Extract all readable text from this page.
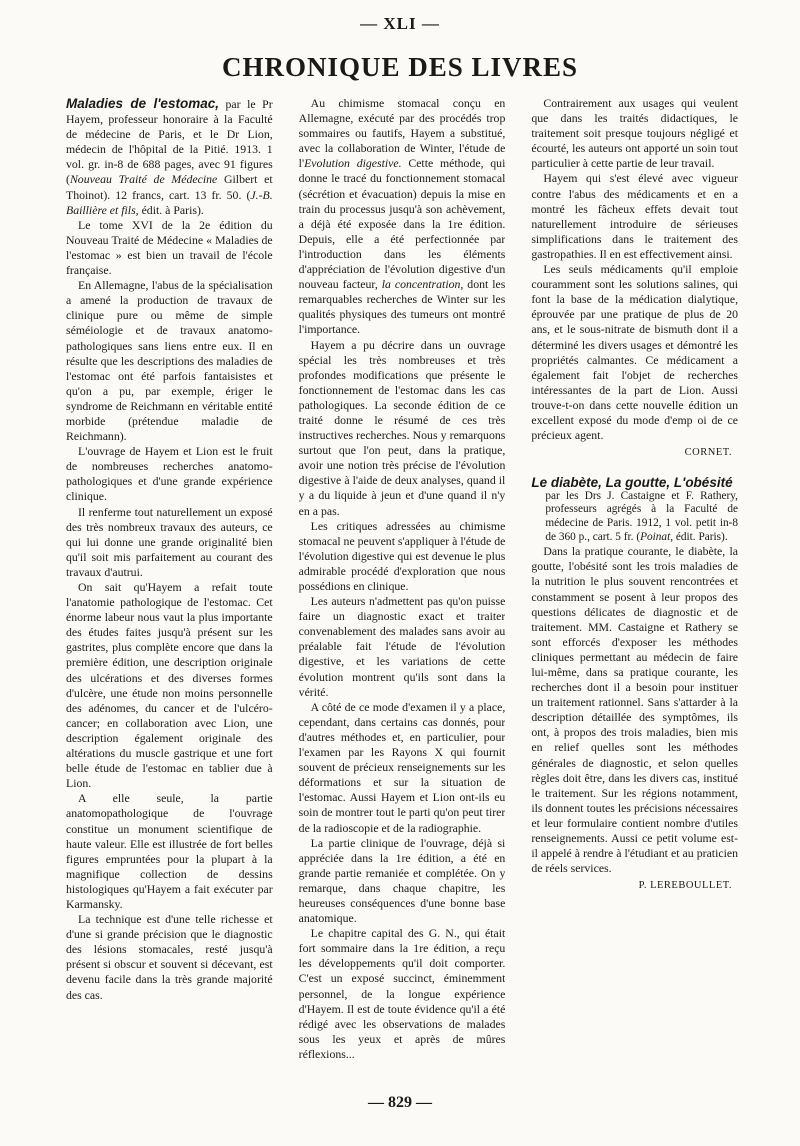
— XLI —
CHRONIQUE DES LIVRES

Maladies de l'estomac, par le Pr Hayem, professeur honoraire à la Faculté de médecine de Paris, et le Dr Lion, médecin de l'hôpital de la Pitié. 1913. 1 vol. gr. in-8 de 688 pages, avec 91 figures (Nouveau Traité de Médecine Gilbert et Thoinot). 12 francs, cart. 13 fr. 50. (J.-B. Baillière et fils, édit. à Paris).

Le tome XVI de la 2e édition du Nouveau Traité de Médecine « Maladies de l'estomac » est bien un travail de l'école française.

En Allemagne, l'abus de la spécialisation a amené la production de travaux de clinique pure ou même de simple séméiologie et de travaux anatomo-pathologiques sans liens entre eux. Il en résulte que les descriptions des maladies de l'estomac ont été parfois fantaisistes et qu'on a pu, par exemple, ériger le syndrome de Reichmann en véritable entité morbide (prétendue maladie de Reichmann).

L'ouvrage de Hayem et Lion est le fruit de nombreuses recherches anatomo-pathologiques et d'une grande expérience clinique.

Il renferme tout naturellement un exposé des très nombreux travaux des auteurs, ce qui lui donne une grande originalité bien qu'il soit mis parfaitement au courant des travaux d'autrui.

On sait qu'Hayem a refait toute l'anatomie pathologique de l'estomac. Cet énorme labeur nous vaut la plus importante des études faites jusqu'à présent sur les gastrites, plus complète encore que dans la première édition, une description originale des ulcérations et des diverses formes d'ulcère, une étude non moins personnelle des adénomes, du cancer et de l'ulcéro-cancer; en collaboration avec Lion, une description également originale des altérations du muscle gastrique et une fort belle étude de l'estomac en tablier due à Lion.

A elle seule, la partie anatomopathologique de l'ouvrage constitue un monument scientifique de haute valeur. Elle est illustrée de fort belles figures empruntées pour la plupart à la magnifique collection de dessins histologiques qu'Hayem a fait exécuter par Karmansky.

La technique est d'une telle richesse et d'une si grande précision que le diagnostic des lésions stomacales, resté jusqu'à présent si obscur et souvent si décevant, est devenu facile dans la très grande majorité des cas.

Au chimisme stomacal conçu en Allemagne, exécuté par des procédés trop sommaires ou fautifs, Hayem a substitué, avec la collaboration de Winter, l'étude de l'Evolution digestive. Cette méthode, qui donne le tracé du fonctionnement stomacal (sécrétion et évacuation) depuis la mise en train du processus jusqu'à son achèvement, a déjà été exposée dans la 1re édition. Depuis, elle a été perfectionnée par l'introduction dans les éléments d'appréciation de l'évolution digestive d'un nouveau facteur, la concentration, dont les remarquables recherches de Winter sur les qualités physiques des tumeurs ont montré l'importance.

Hayem a pu décrire dans un ouvrage spécial les très nombreuses et très profondes modifications que présente le fonctionnement de l'estomac dans les cas pathologiques. La seconde édition de ce traité donne le résumé de ces très instructives recherches. Nous y remarquons surtout que l'on peut, dans la pratique, avoir une notion très précise de l'évolution digestive à l'aide de deux analyses, quand il y a du liquide à jeun et d'une quand il n'y en a pas.

Les critiques adressées au chimisme stomacal ne peuvent s'appliquer à l'étude de l'évolution digestive qui est devenue le plus admirable procédé d'exploration que nous possédions en clinique.

Les auteurs n'admettent pas qu'on puisse faire un diagnostic exact et traiter convenablement des malades sans avoir au préalable fait l'étude de l'évolution digestive, et les variations de cette évolution montrent qu'ils sont dans la vérité.

A côté de ce mode d'examen il y a place, cependant, dans certains cas donnés, pour d'autres méthodes et, en particulier, pour l'examen par les Rayons X qui fournit souvent de précieux renseignements sur les déformations et sur la situation de l'estomac. Aussi Hayem et Lion ont-ils eu soin de montrer tout le parti qu'on peut tirer de la radioscopie et de la radiographie.

La partie clinique de l'ouvrage, déjà si appréciée dans la 1re édition, a été en grande partie remaniée et complétée. On y remarque, dans chaque chapitre, les heureuses conséquences d'une bonne base anatomique.

Le chapitre capital des G. N., qui était fort sommaire dans la 1re édition, a reçu les développements qu'il doit comporter. C'est un exposé succinct, éminemment personnel, de la longue expérience d'Hayem. Il est de toute évidence qu'il a été rédigé avec les observations de malades sous les yeux et après de mûres réflexions...

Contrairement aux usages qui veulent que dans les traités didactiques, le traitement soit presque toujours négligé et écourté, les auteurs ont apporté un soin tout particulier à cette partie de leur travail.

Hayem qui s'est élevé avec vigueur contre l'abus des médicaments et en a montré les fâcheux effets devait tout naturellement introduire de sérieuses simplifications dans le traitement des gastropathies. Il en est effectivement ainsi.

Les seuls médicaments qu'il emploie couramment sont les solutions salines, qui font la base de la médication dialytique, éprouvée par une pratique de plus de 20 ans, et le sous-nitrate de bismuth dont il a déterminé les divers usages et démontré les propriétés calmantes. Ce médicament a également fait l'objet de recherches intéressantes de la part de Lion. Aussi trouve-t-on dans cette nouvelle édition un excellent exposé du mode d'emp oi de ce précieux agent.

CORNET.

Le diabète, La goutte, L'obésité
par les Drs J. Castaigne et F. Rathery, professeurs agrégés à la Faculté de médecine de Paris. 1912, 1 vol. petit in-8 de 360 p., cart. 5 fr. (Poinat, édit. Paris).

Dans la pratique courante, le diabète, la goutte, l'obésité sont les trois maladies de la nutrition le plus souvent rencontrées et constamment se posent à leur propos des questions délicates de diagnostic et de traitement. MM. Castaigne et Rathery se sont efforcés d'exposer les méthodes cliniques permettant au médecin de faire lui-même, dans sa pratique courante, les recherches dont il a besoin pour instituer un traitement rationnel. Sans s'attarder à la description détaillée des symptômes, ils ont, à propos des trois maladies, bien mis en relief quelles sont les méthodes générales de diagnostic, et selon quelles règles doit être, dans les divers cas, institué le traitement. Sur les régions notamment, ils donnent toutes les précisions nécessaires et leur formulaire contient nombre d'utiles renseignements. Aussi ce petit volume est-il appelé à rendre à l'étudiant et au praticien de réels services.

P. LEREBOULLET.
— 829 —
